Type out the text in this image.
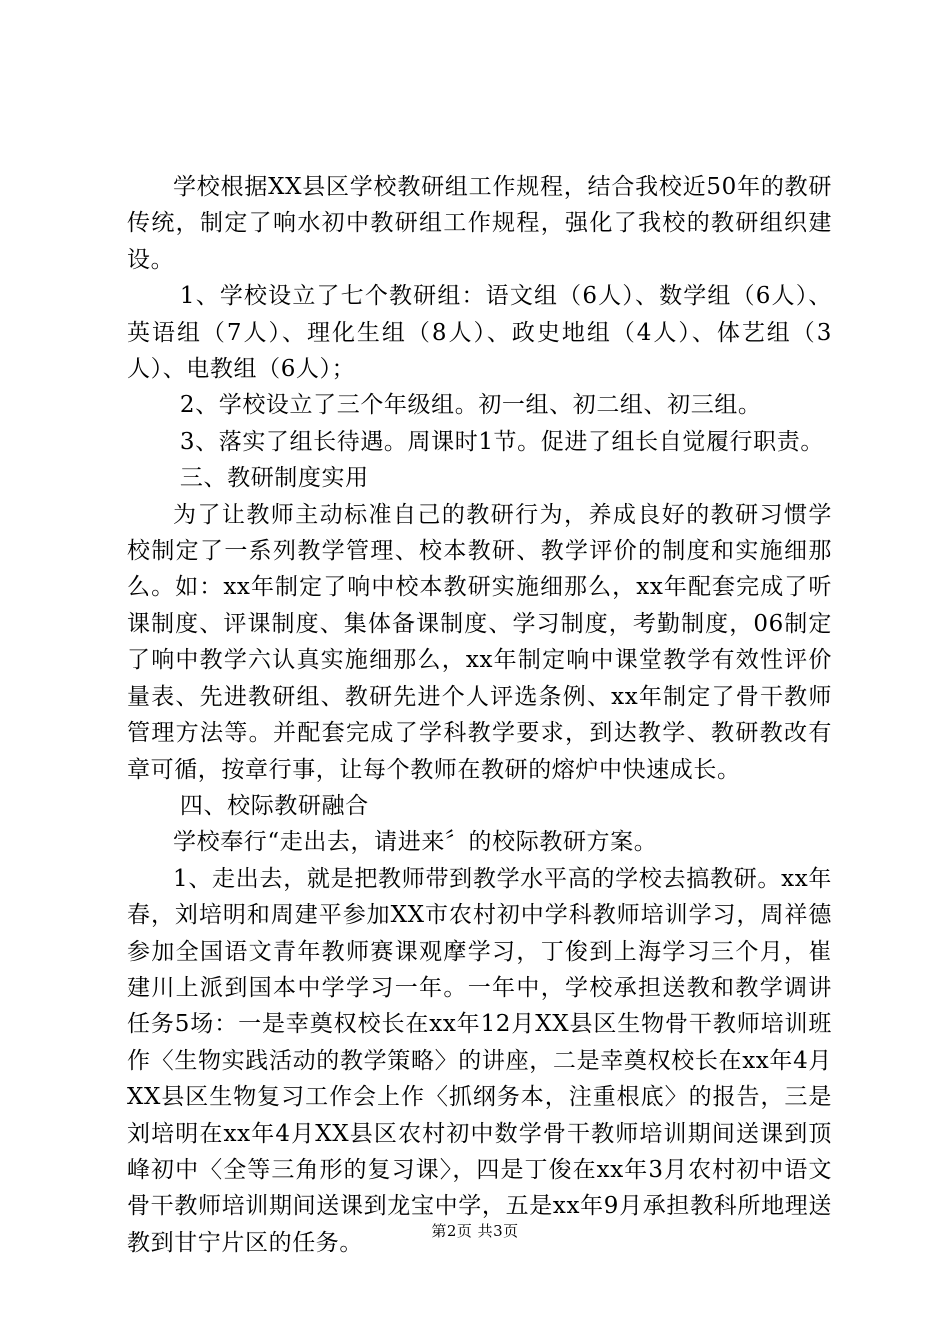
学校根据XX县区学校教研组工作规程，结合我校近50年的教研传统，制定了响水初中教研组工作规程，强化了我校的教研组织建设。

1、学校设立了七个教研组：语文组（6人）、数学组（6人）、英语组（7人）、理化生组（8人）、政史地组（4人）、体艺组（3人）、电教组（6人）；

2、学校设立了三个年级组。初一组、初二组、初三组。

3、落实了组长待遇。周课时1节。促进了组长自觉履行职责。

三、教研制度实用

为了让教师主动标准自己的教研行为，养成良好的教研习惯学校制定了一系列教学管理、校本教研、教学评价的制度和实施细那么。如：xx年制定了响中校本教研实施细那么，xx年配套完成了听课制度、评课制度、集体备课制度、学习制度，考勤制度，06制定了响中教学六认真实施细那么，xx年制定响中课堂教学有效性评价量表、先进教研组、教研先进个人评选条例、xx年制定了骨干教师管理方法等。并配套完成了学科教学要求，到达教学、教研教改有章可循，按章行事，让每个教师在教研的熔炉中快速成长。

四、校际教研融合

学校奉行“走出去，请进来〞的校际教研方案。

1、走出去，就是把教师带到教学水平高的学校去搞教研。xx年春，刘培明和周建平参加XX市农村初中学科教师培训学习，周祥德参加全国语文青年教师赛课观摩学习，丁俊到上海学习三个月，崔建川上派到国本中学学习一年。一年中，学校承担送教和教学调讲任务5场：一是幸奠权校长在xx年12月XX县区生物骨干教师培训班作〈生物实践活动的教学策略〉的讲座，二是幸奠权校长在xx年4月XX县区生物复习工作会上作〈抓纲务本，注重根底〉的报告，三是刘培明在xx年4月XX县区农村初中数学骨干教师培训期间送课到顶峰初中〈全等三角形的复习课〉，四是丁俊在xx年3月农村初中语文骨干教师培训期间送课到龙宝中学，五是xx年9月承担教科所地理送教到甘宁片区的任务。	第2页 共3页
